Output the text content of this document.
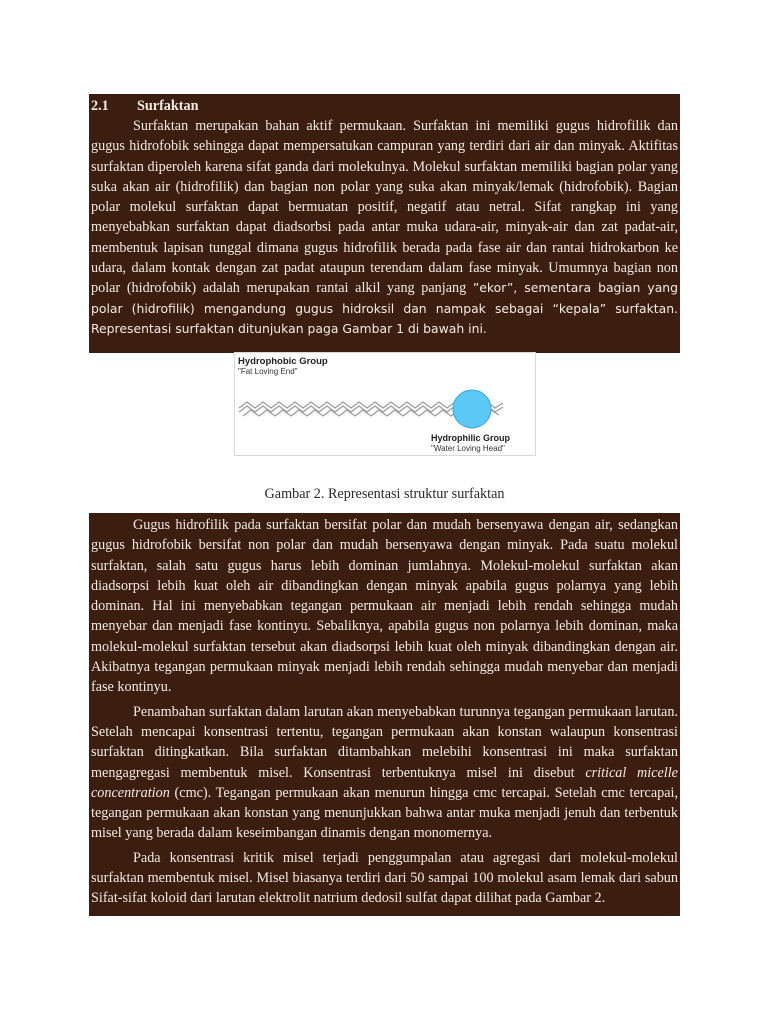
2.1	Surfaktan

Surfaktan merupakan bahan aktif permukaan. Surfaktan ini memiliki gugus hidrofilik dan gugus hidrofobik sehingga dapat mempersatukan campuran yang terdiri dari air dan minyak. Aktifitas surfaktan diperoleh karena sifat ganda dari molekulnya. Molekul surfaktan memiliki bagian polar yang suka akan air (hidrofilik) dan bagian non polar yang suka akan minyak/lemak (hidrofobik). Bagian polar molekul surfaktan dapat bermuatan positif, negatif atau netral. Sifat rangkap ini yang menyebabkan surfaktan dapat diadsorbsi pada antar muka udara-air, minyak-air dan zat padat-air, membentuk lapisan tunggal dimana gugus hidrofilik berada pada fase air dan rantai hidrokarbon ke udara, dalam kontak dengan zat padat ataupun terendam dalam fase minyak. Umumnya bagian non polar (hidrofobik) adalah merupakan rantai alkil yang panjang ”ekor”, sementara bagian yang polar (hidrofilik) mengandung gugus hidroksil dan nampak sebagai “kepala” surfaktan. Representasi surfaktan ditunjukan paga Gambar 1 di bawah ini.

Hydrophobic Group
"Fat Loving End"
Hydrophilic Group
"Water Loving Head"
Gambar 2. Representasi struktur surfaktan

Gugus hidrofilik pada surfaktan bersifat polar dan mudah bersenyawa dengan air, sedangkan gugus hidrofobik bersifat non polar dan mudah bersenyawa dengan minyak. Pada suatu molekul surfaktan, salah satu gugus harus lebih dominan jumlahnya. Molekul-molekul surfaktan akan diadsorpsi lebih kuat oleh air dibandingkan dengan minyak apabila gugus polarnya yang lebih dominan. Hal ini menyebabkan tegangan permukaan air menjadi lebih rendah sehingga mudah menyebar dan menjadi fase kontinyu. Sebaliknya, apabila gugus non polarnya lebih dominan, maka molekul-molekul surfaktan tersebut akan diadsorpsi lebih kuat oleh minyak dibandingkan dengan air. Akibatnya tegangan permukaan minyak menjadi lebih rendah sehingga mudah menyebar dan menjadi fase kontinyu.

Penambahan surfaktan dalam larutan akan menyebabkan turunnya tegangan permukaan larutan. Setelah mencapai konsentrasi tertentu, tegangan permukaan akan konstan walaupun konsentrasi surfaktan ditingkatkan. Bila surfaktan ditambahkan melebihi konsentrasi ini maka surfaktan mengagregasi membentuk misel. Konsentrasi terbentuknya misel ini disebut critical micelle concentration (cmc). Tegangan permukaan akan menurun hingga cmc tercapai. Setelah cmc tercapai, tegangan permukaan akan konstan yang menunjukkan bahwa antar muka menjadi jenuh dan terbentuk misel yang berada dalam keseimbangan dinamis dengan monomernya.

Pada konsentrasi kritik misel terjadi penggumpalan atau agregasi dari molekul-molekul surfaktan membentuk misel. Misel biasanya terdiri dari 50 sampai 100 molekul asam lemak dari sabun Sifat-sifat koloid dari larutan elektrolit natrium dedosil sulfat dapat dilihat pada Gambar 2.
